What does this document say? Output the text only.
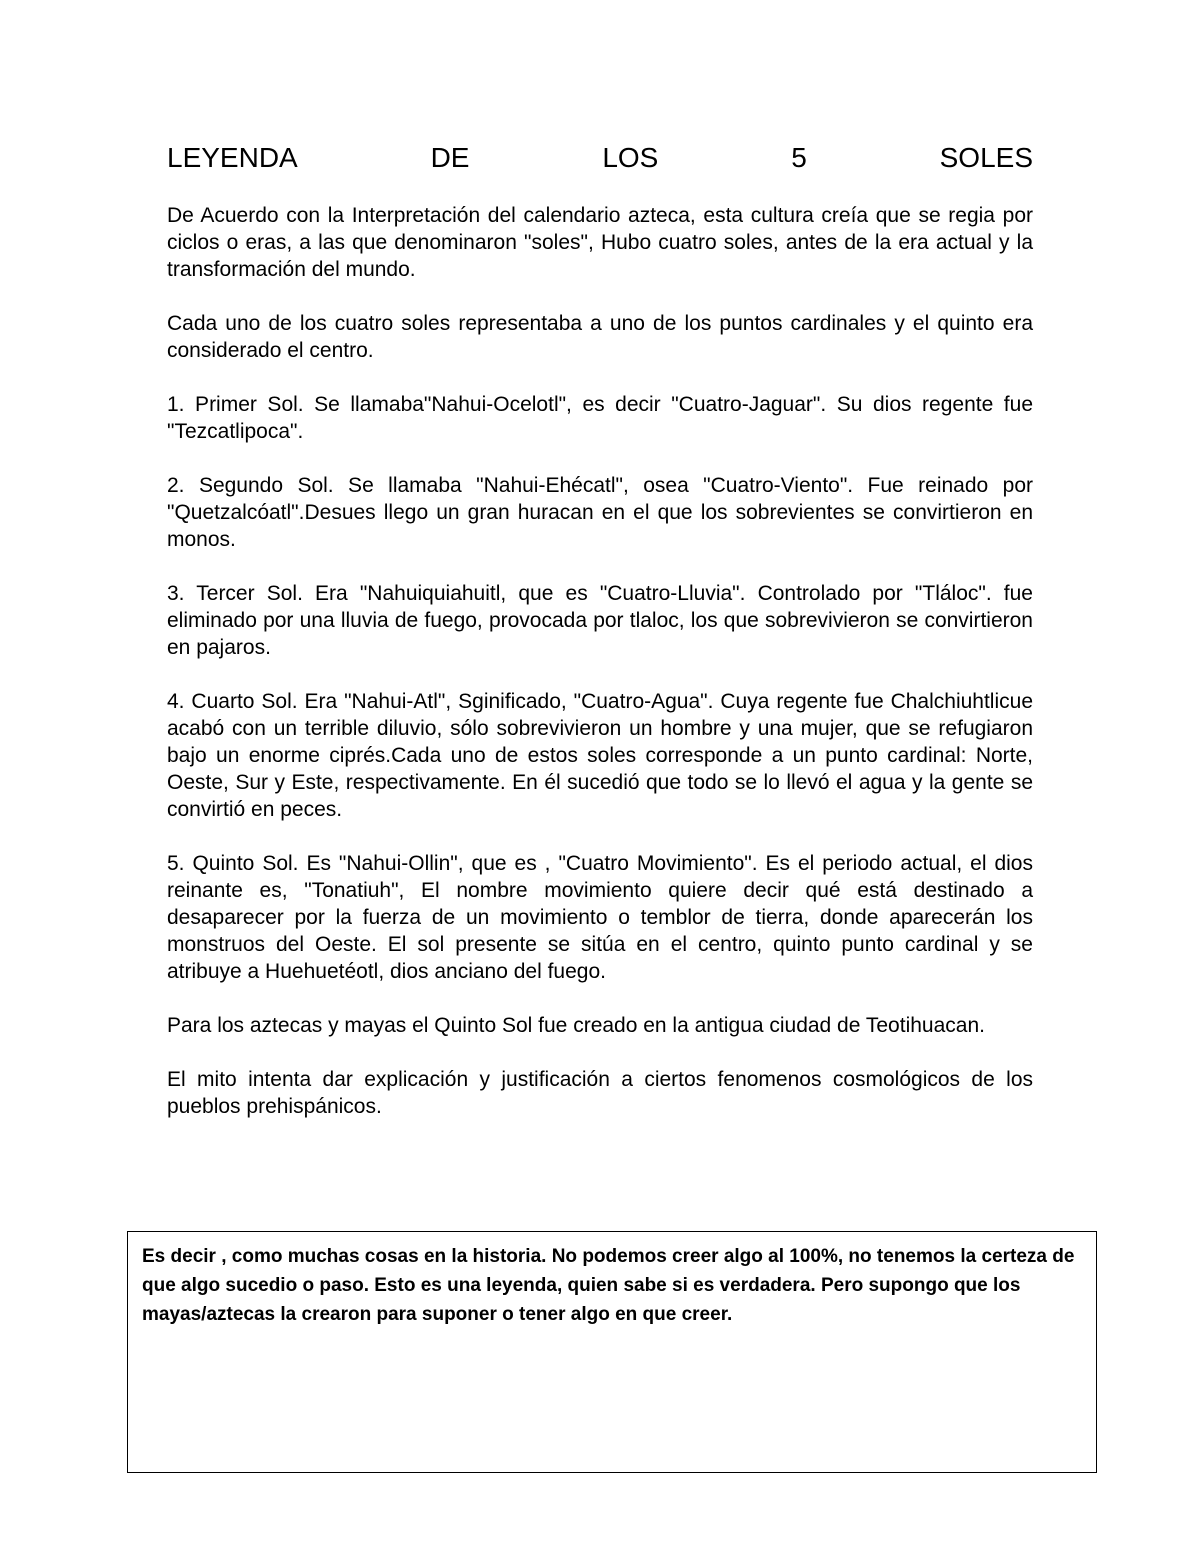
LEYENDA	DE	LOS	5	SOLES

De Acuerdo con la Interpretación del calendario azteca, esta cultura creía que se regia por ciclos o eras, a las que denominaron "soles", Hubo cuatro soles, antes de la era actual y la transformación del mundo.

Cada uno de los cuatro soles representaba a uno de los puntos cardinales y el quinto era considerado el centro.

1. Primer Sol. Se llamaba"Nahui-Ocelotl", es decir "Cuatro-Jaguar". Su dios regente fue "Tezcatlipoca".

2. Segundo Sol. Se llamaba "Nahui-Ehécatl", osea "Cuatro-Viento". Fue reinado por "Quetzalcóatl".Desues llego un gran huracan en el que los sobrevientes se convirtieron en monos.

3. Tercer Sol. Era "Nahuiquiahuitl, que es "Cuatro-Lluvia". Controlado por "Tláloc". fue eliminado por una lluvia de fuego, provocada por tlaloc, los que sobrevivieron se convirtieron en pajaros.

4. Cuarto Sol. Era "Nahui-Atl", Sginificado, "Cuatro-Agua". Cuya regente fue Chalchiuhtlicue acabó con un terrible diluvio, sólo sobrevivieron un hombre y una mujer, que se refugiaron bajo un enorme ciprés.Cada uno de estos soles corresponde a un punto cardinal: Norte, Oeste, Sur y Este, respectivamente. En él sucedió que todo se lo llevó el agua y la gente se convirtió en peces.

5. Quinto Sol. Es "Nahui-Ollin", que es , "Cuatro Movimiento". Es el periodo actual, el dios reinante es, "Tonatiuh", El nombre movimiento quiere decir qué está destinado a desaparecer por la fuerza de un movimiento o temblor de tierra, donde aparecerán los monstruos del Oeste. El sol presente se sitúa en el centro, quinto punto cardinal y se atribuye a Huehuetéotl, dios anciano del fuego.

Para los aztecas y mayas el Quinto Sol fue creado en la antigua ciudad de Teotihuacan.

El mito intenta dar explicación y justificación a ciertos fenomenos cosmológicos de los pueblos prehispánicos.

Es decir , como muchas cosas en la historia. No podemos creer algo al 100%, no tenemos la certeza de que algo sucedio o paso. Esto es una leyenda, quien sabe si es verdadera. Pero supongo que los mayas/aztecas la crearon para suponer o tener algo en que creer.
